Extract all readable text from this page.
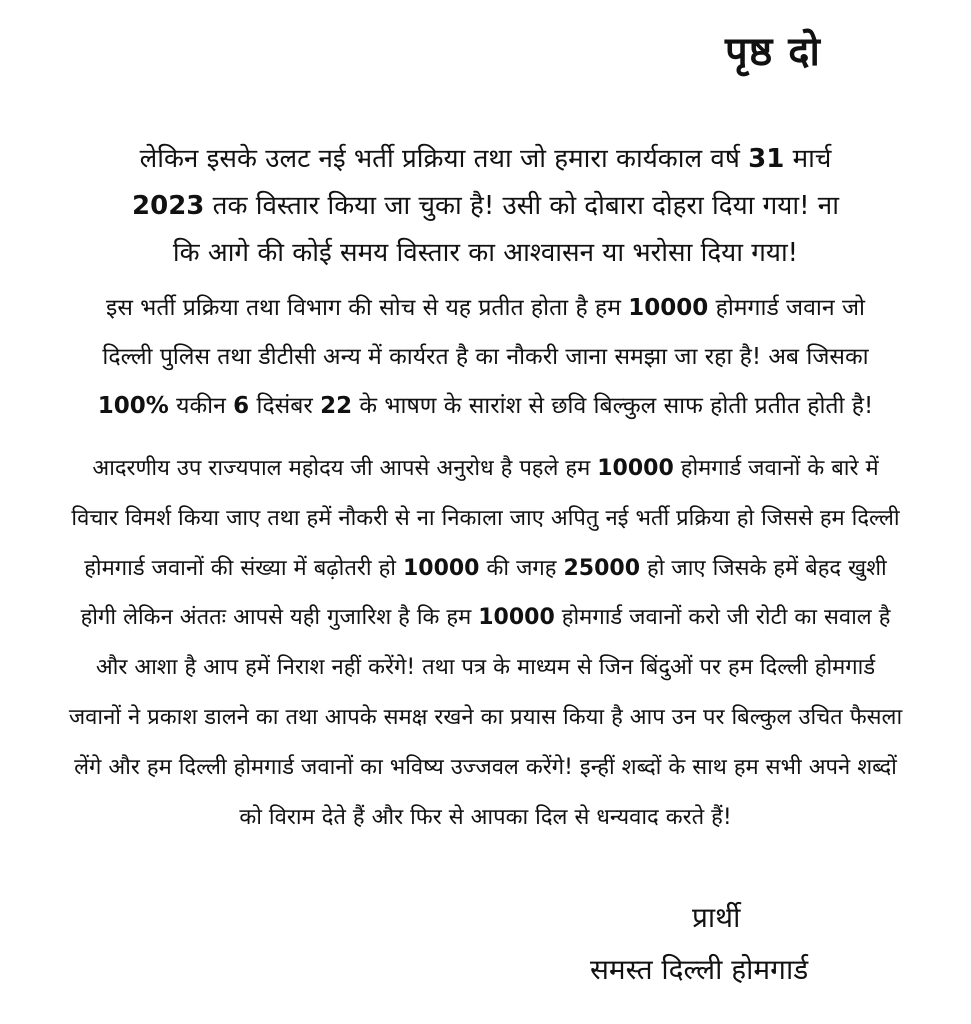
पृष्ठ दो
लेकिन इसके उलट नई भर्ती प्रक्रिया तथा जो हमारा कार्यकाल वर्ष 31 मार्च
2023 तक विस्तार किया जा चुका है! उसी को दोबारा दोहरा दिया गया! ना
कि आगे की कोई समय विस्तार का आश्वासन या भरोसा दिया गया!
इस भर्ती प्रक्रिया तथा विभाग की सोच से यह प्रतीत होता है हम 10000 होमगार्ड जवान जो
दिल्ली पुलिस तथा डीटीसी अन्य में कार्यरत है का नौकरी जाना समझा जा रहा है! अब जिसका
100% यकीन 6 दिसंबर 22 के भाषण के सारांश से छवि बिल्कुल साफ होती प्रतीत होती है!
आदरणीय उप राज्यपाल महोदय जी आपसे अनुरोध है पहले हम 10000 होमगार्ड जवानों के बारे में
विचार विमर्श किया जाए तथा हमें नौकरी से ना निकाला जाए अपितु नई भर्ती प्रक्रिया हो जिससे हम दिल्ली
होमगार्ड जवानों की संख्या में बढ़ोतरी हो 10000 की जगह 25000 हो जाए जिसके हमें बेहद खुशी
होगी लेकिन अंततः आपसे यही गुजारिश है कि हम 10000 होमगार्ड जवानों करो जी रोटी का सवाल है
और आशा है आप हमें निराश नहीं करेंगे! तथा पत्र के माध्यम से जिन बिंदुओं पर हम दिल्ली होमगार्ड
जवानों ने प्रकाश डालने का तथा आपके समक्ष रखने का प्रयास किया है आप उन पर बिल्कुल उचित फैसला
लेंगे और हम दिल्ली होमगार्ड जवानों का भविष्य उज्जवल करेंगे! इन्हीं शब्दों के साथ हम सभी अपने शब्दों
को विराम देते हैं और फिर से आपका दिल से धन्यवाद करते हैं!
प्रार्थी
समस्त दिल्ली होमगार्ड
